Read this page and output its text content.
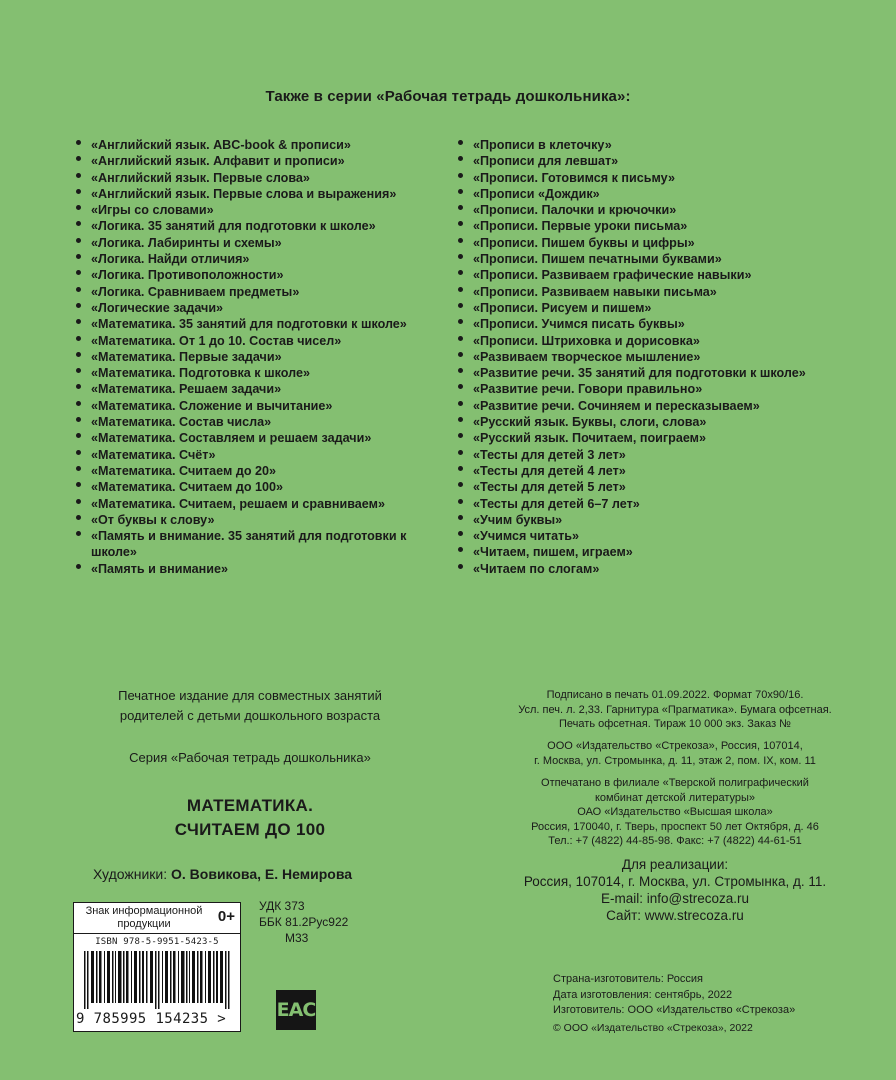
Также в серии «Рабочая тетрадь дошкольника»:
«Английский язык. ABC-book & прописи»
«Английский язык. Алфавит и прописи»
«Английский язык. Первые слова»
«Английский язык. Первые слова и выражения»
«Игры со словами»
«Логика. 35 занятий для подготовки к школе»
«Логика. Лабиринты и схемы»
«Логика. Найди отличия»
«Логика. Противоположности»
«Логика. Сравниваем предметы»
«Логические задачи»
«Математика. 35 занятий для подготовки к школе»
«Математика. От 1 до 10. Состав чисел»
«Математика. Первые задачи»
«Математика. Подготовка к школе»
«Математика. Решаем задачи»
«Математика. Сложение и вычитание»
«Математика. Состав числа»
«Математика. Составляем и решаем задачи»
«Математика. Счёт»
«Математика. Считаем до 20»
«Математика. Считаем до 100»
«Математика. Считаем, решаем и сравниваем»
«От буквы к слову»
«Память и внимание. 35 занятий для подготовки к школе»
«Память и внимание»
«Прописи в клеточку»
«Прописи для левшат»
«Прописи. Готовимся к письму»
«Прописи «Дождик»
«Прописи. Палочки и крючочки»
«Прописи. Первые уроки письма»
«Прописи. Пишем буквы и цифры»
«Прописи. Пишем печатными буквами»
«Прописи. Развиваем графические навыки»
«Прописи. Развиваем навыки письма»
«Прописи. Рисуем и пишем»
«Прописи. Учимся писать буквы»
«Прописи. Штриховка и дорисовка»
«Развиваем творческое мышление»
«Развитие речи. 35 занятий для подготовки к школе»
«Развитие речи. Говори правильно»
«Развитие речи. Сочиняем и пересказываем»
«Русский язык. Буквы, слоги, слова»
«Русский язык. Почитаем, поиграем»
«Тесты для детей 3 лет»
«Тесты для детей 4 лет»
«Тесты для детей 5 лет»
«Тесты для детей 6–7 лет»
«Учим буквы»
«Учимся читать»
«Читаем, пишем, играем»
«Читаем по слогам»
Печатное издание для совместных занятий
родителей с детьми дошкольного возраста
Серия «Рабочая тетрадь дошкольника»
МАТЕМАТИКА.
СЧИТАЕМ ДО 100
Художники: О. Вовикова, Е. Немирова
Подписано в печать 01.09.2022. Формат 70х90/16.
Усл. печ. л. 2,33. Гарнитура «Прагматика». Бумага офсетная.
Печать офсетная. Тираж 10 000 экз. Заказ №
ООО «Издательство «Стрекоза», Россия, 107014,
г. Москва, ул. Стромынка, д. 11, этаж 2, пом. IX, ком. 11
Отпечатано в филиале «Тверской полиграфический
комбинат детской литературы»
ОАО «Издательство «Высшая школа»
Россия, 170040, г. Тверь, проспект 50 лет Октября, д. 46
Тел.: +7 (4822) 44-85-98. Факс: +7 (4822) 44-61-51
Для реализации:
Россия, 107014, г. Москва, ул. Стромынка, д. 11.
E-mail: info@strecoza.ru
Сайт: www.strecoza.ru
Страна-изготовитель: Россия
Дата изготовления: сентябрь, 2022
Изготовитель: ООО «Издательство «Стрекоза»
© ООО «Издательство «Стрекоза», 2022
Знак информационной продукции	0+
ISBN 978-5-9951-5423-5
9 785995 154235 >
УДК 373
ББК 81.2Рус922
М33
EAC
